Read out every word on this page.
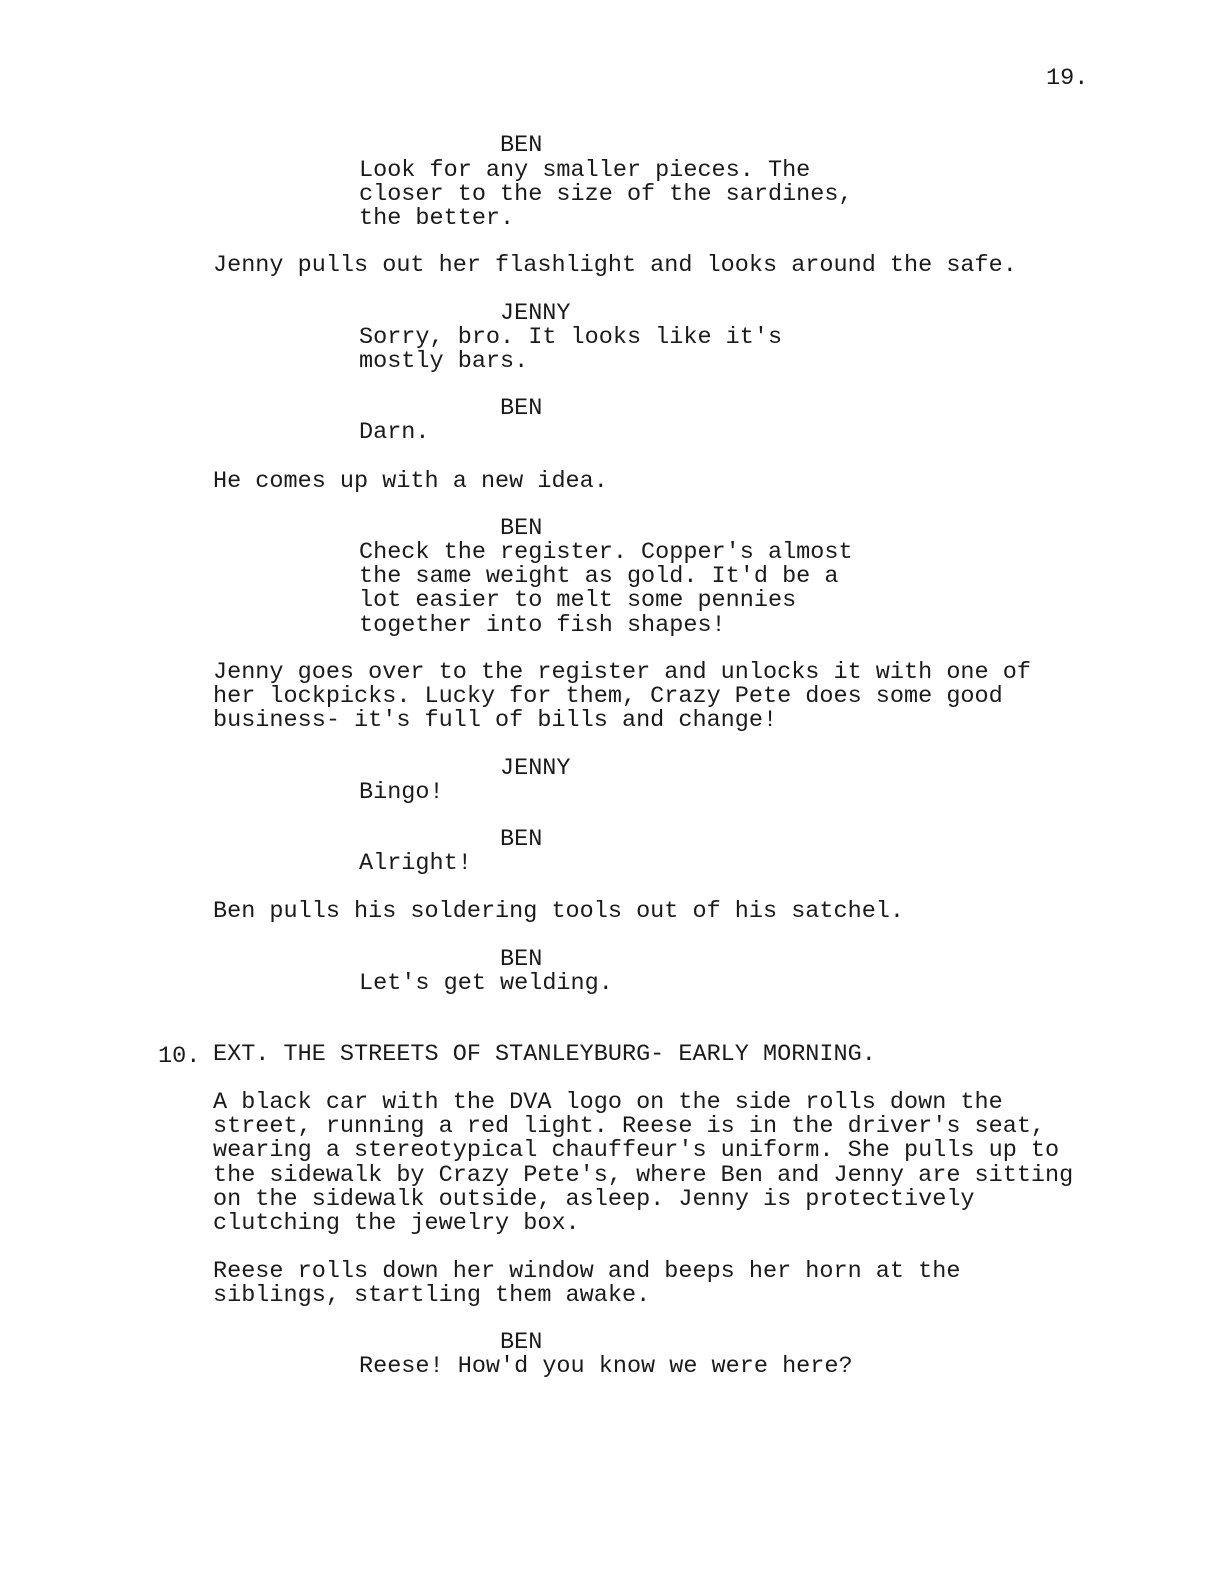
19.
BEN
Look for any smaller pieces. The
closer to the size of the sardines,
the better.
Jenny pulls out her flashlight and looks around the safe.
JENNY
Sorry, bro. It looks like it's
mostly bars.
BEN
Darn.
He comes up with a new idea.
BEN
Check the register. Copper's almost
the same weight as gold. It'd be a
lot easier to melt some pennies
together into fish shapes!
Jenny goes over to the register and unlocks it with one of
her lockpicks. Lucky for them, Crazy Pete does some good
business- it's full of bills and change!
JENNY
Bingo!
BEN
Alright!
Ben pulls his soldering tools out of his satchel.
BEN
Let's get welding.
10. EXT. THE STREETS OF STANLEYBURG- EARLY MORNING.
A black car with the DVA logo on the side rolls down the
street, running a red light. Reese is in the driver's seat,
wearing a stereotypical chauffeur's uniform. She pulls up to
the sidewalk by Crazy Pete's, where Ben and Jenny are sitting
on the sidewalk outside, asleep. Jenny is protectively
clutching the jewelry box.
Reese rolls down her window and beeps her horn at the
siblings, startling them awake.
BEN
Reese! How'd you know we were here?
